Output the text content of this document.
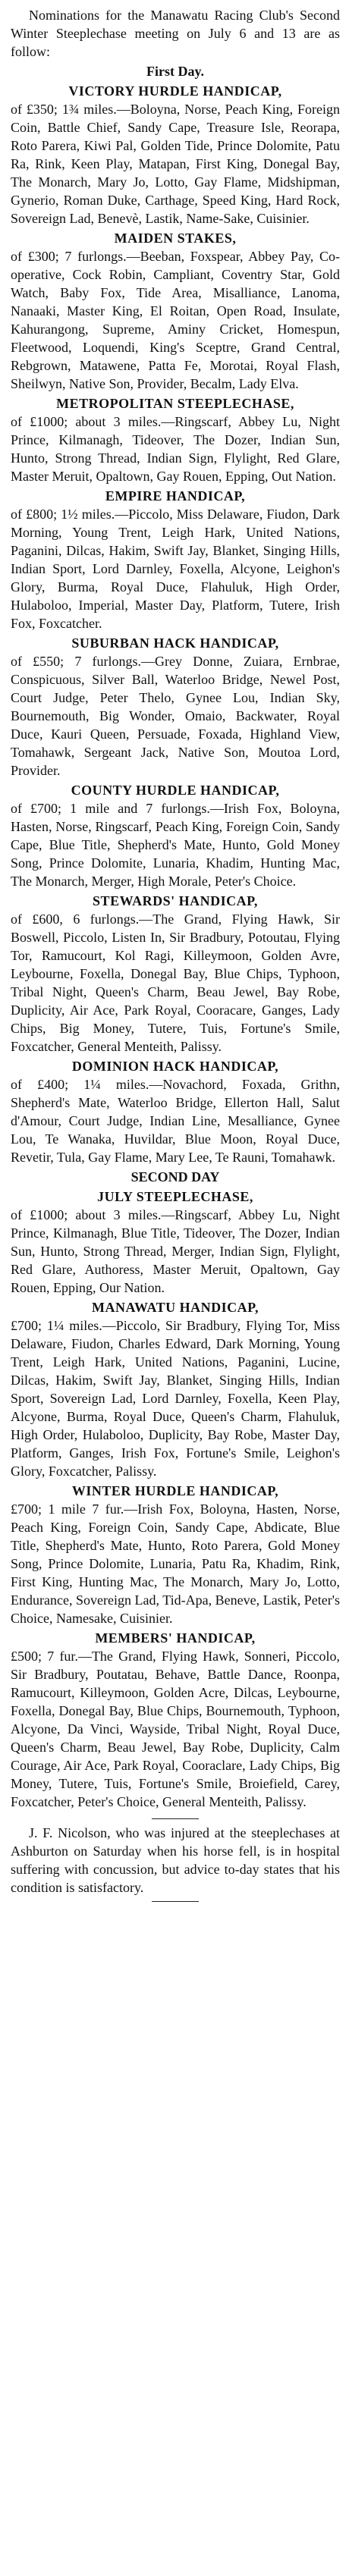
Nominations for the Manawatu Racing Club's Second Winter Steeplechase meeting on July 6 and 13 are as follow:

First Day.

VICTORY HURDLE HANDICAP,

of £350; 1¾ miles.—Boloyna, Norse, Peach King, Foreign Coin, Battle Chief, Sandy Cape, Treasure Isle, Reorapa, Roto Parera, Kiwi Pal, Golden Tide, Prince Dolomite, Patu Ra, Rink, Keen Play, Matapan, First King, Donegal Bay, The Monarch, Mary Jo, Lotto, Gay Flame, Midshipman, Gynerio, Roman Duke, Carthage, Speed King, Hard Rock, Sovereign Lad, Benevè, Lastik, Name-Sake, Cuisinier.

MAIDEN STAKES,

of £300; 7 furlongs.—Beeban, Foxspear, Abbey Pay, Co-operative, Cock Robin, Campliant, Coventry Star, Gold Watch, Baby Fox, Tide Area, Misalliance, Lanoma, Nanaaki, Master King, El Roitan, Open Road, Insulate, Kahurangong, Supreme, Aminy Cricket, Homespun, Fleetwood, Loquendi, King's Sceptre, Grand Central, Rebgrown, Matawene, Patta Fe, Morotai, Royal Flash, Sheilwyn, Native Son, Provider, Becalm, Lady Elva.

METROPOLITAN STEEPLECHASE,

of £1000; about 3 miles.—Ringscarf, Abbey Lu, Night Prince, Kilmanagh, Tideover, The Dozer, Indian Sun, Hunto, Strong Thread, Indian Sign, Flylight, Red Glare, Master Meruit, Opaltown, Gay Rouen, Epping, Out Nation.

EMPIRE HANDICAP,

of £800; 1½ miles.—Piccolo, Miss Delaware, Fiudon, Dark Morning, Young Trent, Leigh Hark, United Nations, Paganini, Dilcas, Hakim, Swift Jay, Blanket, Singing Hills, Indian Sport, Lord Darnley, Foxella, Alcyone, Leighon's Glory, Burma, Royal Duce, Flahuluk, High Order, Hulaboloo, Imperial, Master Day, Platform, Tutere, Irish Fox, Foxcatcher.

SUBURBAN HACK HANDICAP,

of £550; 7 furlongs.—Grey Donne, Zuiara, Ernbrae, Conspicuous, Silver Ball, Waterloo Bridge, Newel Post, Court Judge, Peter Thelo, Gynee Lou, Indian Sky, Bournemouth, Big Wonder, Omaio, Backwater, Royal Duce, Kauri Queen, Persuade, Foxada, Highland View, Tomahawk, Sergeant Jack, Native Son, Moutoa Lord, Provider.

COUNTY HURDLE HANDICAP,

of £700; 1 mile and 7 furlongs.—Irish Fox, Boloyna, Hasten, Norse, Ringscarf, Peach King, Foreign Coin, Sandy Cape, Blue Title, Shepherd's Mate, Hunto, Gold Money Song, Prince Dolomite, Lunaria, Khadim, Hunting Mac, The Monarch, Merger, High Morale, Peter's Choice.

STEWARDS' HANDICAP,

of £600, 6 furlongs.—The Grand, Flying Hawk, Sir Boswell, Piccolo, Listen In, Sir Bradbury, Potoutau, Flying Tor, Ramucourt, Kol Ragi, Killeymoon, Golden Avre, Leybourne, Foxella, Donegal Bay, Blue Chips, Typhoon, Tribal Night, Queen's Charm, Beau Jewel, Bay Robe, Duplicity, Air Ace, Park Royal, Cooracare, Ganges, Lady Chips, Big Money, Tutere, Tuis, Fortune's Smile, Foxcatcher, General Menteith, Palissy.

DOMINION HACK HANDICAP,

of £400; 1¼ miles.—Novachord, Foxada, Grithn, Shepherd's Mate, Waterloo Bridge, Ellerton Hall, Salut d'Amour, Court Judge, Indian Line, Mesalliance, Gynee Lou, Te Wanaka, Huvildar, Blue Moon, Royal Duce, Revetir, Tula, Gay Flame, Mary Lee, Te Rauni, Tomahawk.

SECOND DAY

JULY STEEPLECHASE,

of £1000; about 3 miles.—Ringscarf, Abbey Lu, Night Prince, Kilmanagh, Blue Title, Tideover, The Dozer, Indian Sun, Hunto, Strong Thread, Merger, Indian Sign, Flylight, Red Glare, Authoress, Master Meruit, Opaltown, Gay Rouen, Epping, Our Nation.

MANAWATU HANDICAP,

£700; 1¼ miles.—Piccolo, Sir Bradbury, Flying Tor, Miss Delaware, Fiudon, Charles Edward, Dark Morning, Young Trent, Leigh Hark, United Nations, Paganini, Lucine, Dilcas, Hakim, Swift Jay, Blanket, Singing Hills, Indian Sport, Sovereign Lad, Lord Darnley, Foxella, Keen Play, Alcyone, Burma, Royal Duce, Queen's Charm, Flahuluk, High Order, Hulaboloo, Duplicity, Bay Robe, Master Day, Platform, Ganges, Irish Fox, Fortune's Smile, Leighon's Glory, Foxcatcher, Palissy.

WINTER HURDLE HANDICAP,

£700; 1 mile 7 fur.—Irish Fox, Boloyna, Hasten, Norse, Peach King, Foreign Coin, Sandy Cape, Abdicate, Blue Title, Shepherd's Mate, Hunto, Roto Parera, Gold Money Song, Prince Dolomite, Lunaria, Patu Ra, Khadim, Rink, First King, Hunting Mac, The Monarch, Mary Jo, Lotto, Endurance, Sovereign Lad, Tid-Apa, Beneve, Lastik, Peter's Choice, Namesake, Cuisinier.

MEMBERS' HANDICAP,

£500; 7 fur.—The Grand, Flying Hawk, Sonneri, Piccolo, Sir Bradbury, Poutatau, Behave, Battle Dance, Roonpa, Ramucourt, Killeymoon, Golden Acre, Dilcas, Leybourne, Foxella, Donegal Bay, Blue Chips, Bournemouth, Typhoon, Alcyone, Da Vinci, Wayside, Tribal Night, Royal Duce, Queen's Charm, Beau Jewel, Bay Robe, Duplicity, Calm Courage, Air Ace, Park Royal, Cooraclare, Lady Chips, Big Money, Tutere, Tuis, Fortune's Smile, Broiefield, Carey, Foxcatcher, Peter's Choice, General Menteith, Palissy.

J. F. Nicolson, who was injured at the steeplechases at Ashburton on Saturday when his horse fell, is in hospital suffering with concussion, but advice to-day states that his condition is satisfactory.
